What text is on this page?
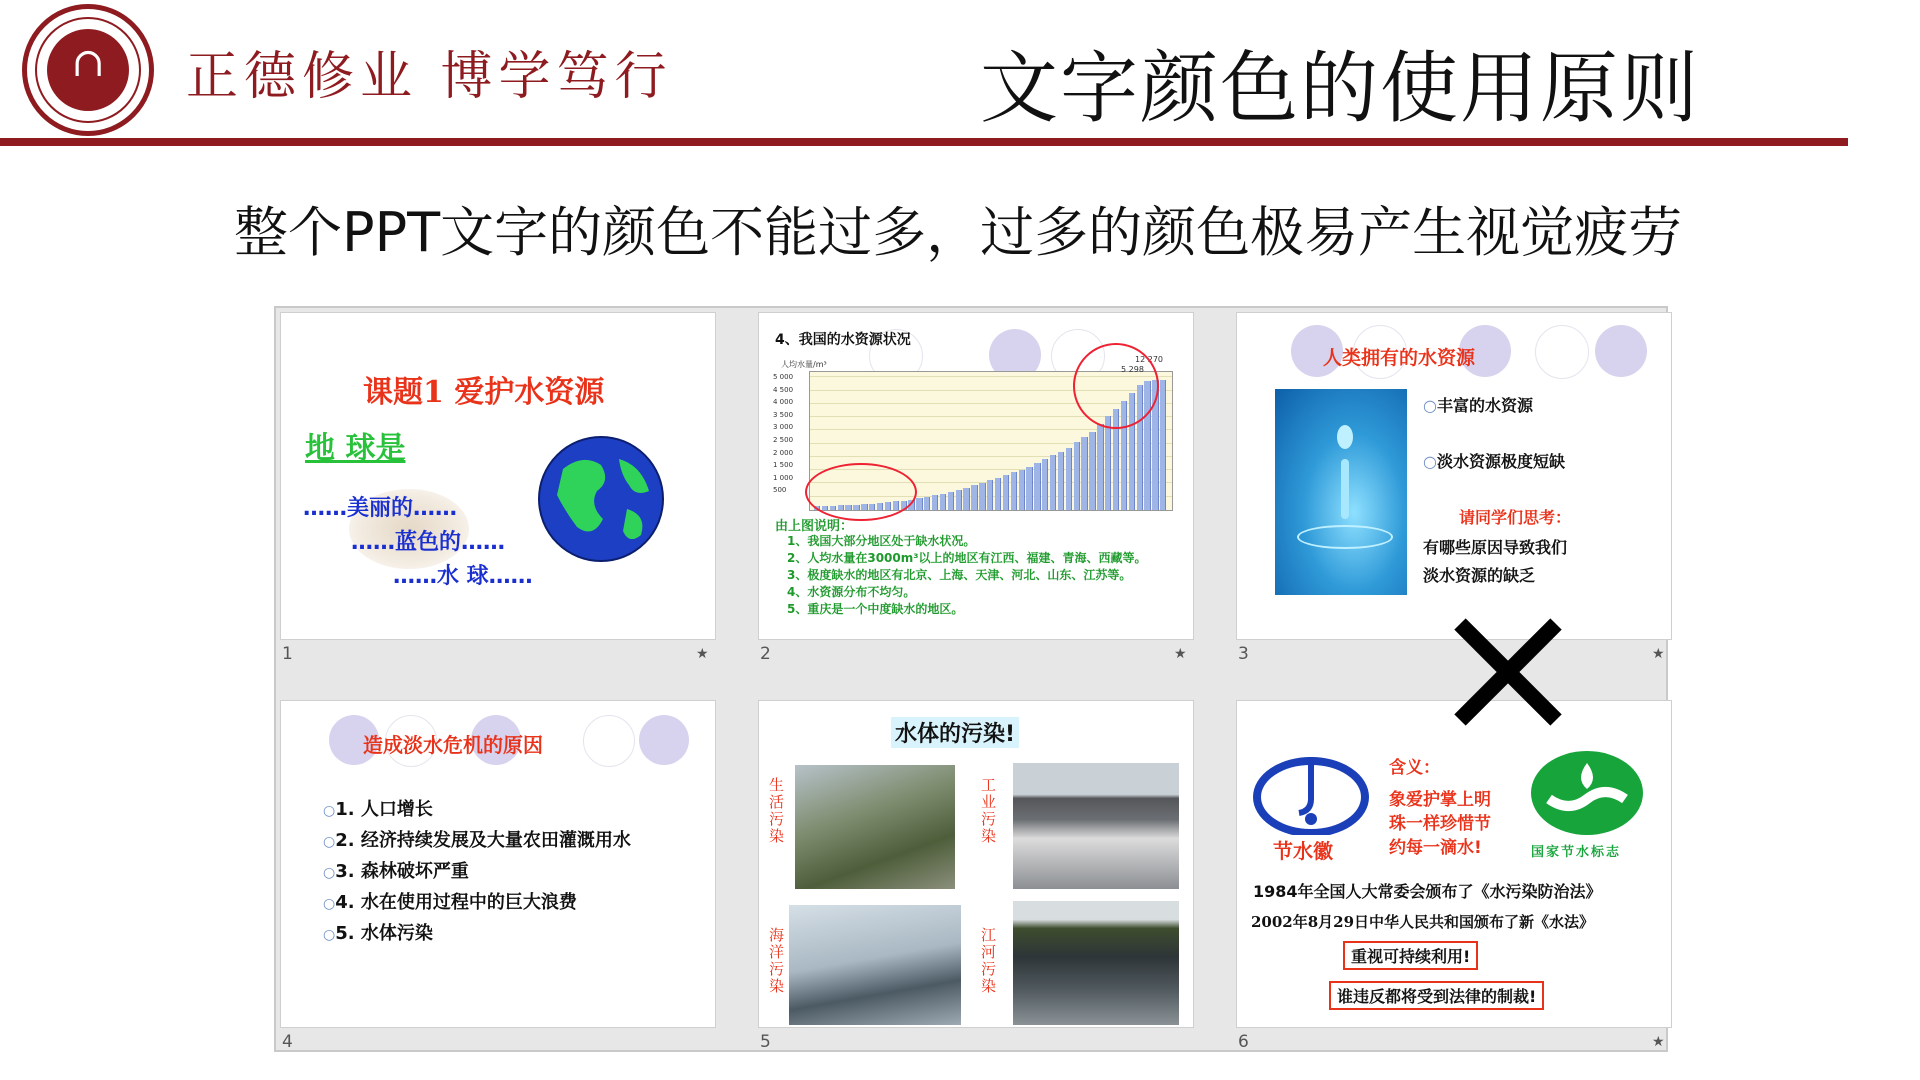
∩	正德修业 博学笃行	文字颜色的使用原则
整个PPT文字的颜色不能过多，过多的颜色极易产生视觉疲劳
课题1 爱护水资源
地 球是
……美丽的……
……蓝色的……
……水 球……
1	★
4、我国的水资源状况
人均水量/m³
5 000
4 500
4 000
3 500
3 000
2 500
2 000
1 500
1 000
500
12 270
5 298
由上图说明：
1、我国大部分地区处于缺水状况。
2、人均水量在3000m³以上的地区有江西、福建、青海、西藏等。
3、极度缺水的地区有北京、上海、天津、河北、山东、江苏等。
4、水资源分布不均匀。
5、重庆是一个中度缺水的地区。
2	★
人类拥有的水资源
○丰富的水资源
○淡水资源极度短缺
请同学们思考：
有哪些原因导致我们
淡水资源的缺乏
3	★
造成淡水危机的原因
○1. 人口增长
○2. 经济持续发展及大量农田灌溉用水
○3. 森林破坏严重
○4. 水在使用过程中的巨大浪费
○5. 水体污染
4
水体的污染!
生活污染
工业污染
海洋污染
江河污染
5
节水徽
含义：
象爱护掌上明
珠一样珍惜节
约每一滴水!	国家节水标志
1984年全国人大常委会颁布了《水污染防治法》
2002年8月29日中华人民共和国颁布了新《水法》
重视可持续利用!
谁违反都将受到法律的制裁!
6	★
